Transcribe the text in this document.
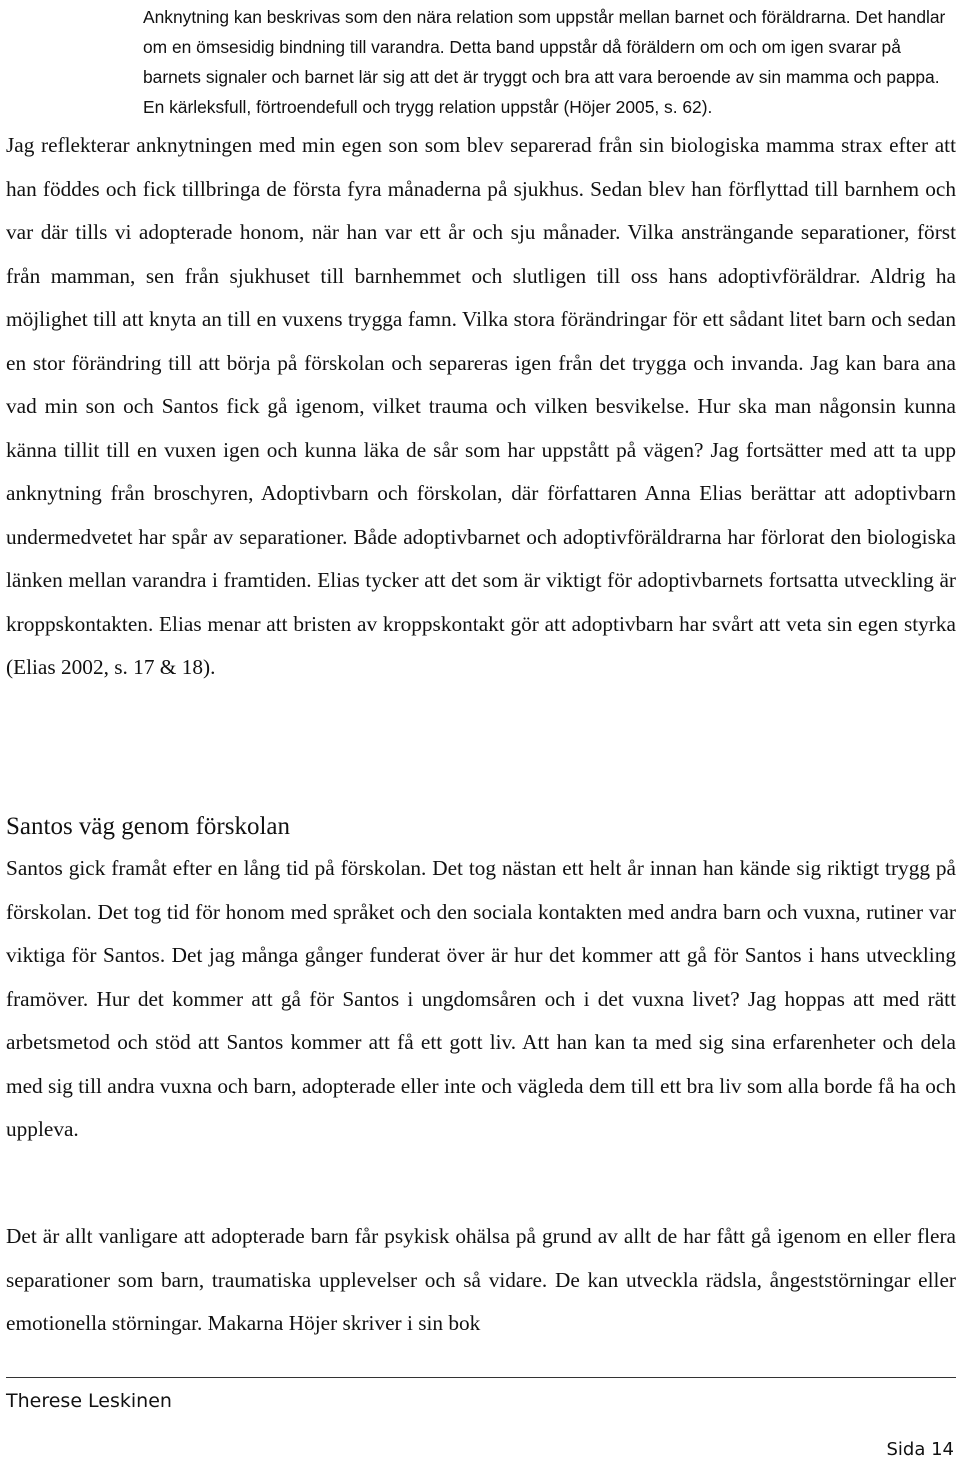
Anknytning kan beskrivas som den nära relation som uppstår mellan barnet och föräldrarna. Det handlar om en ömsesidig bindning till varandra. Detta band uppstår då föräldern om och om igen svarar på barnets signaler och barnet lär sig att det är tryggt och bra att vara beroende av sin mamma och pappa. En kärleksfull, förtroendefull och trygg relation uppstår (Höjer 2005, s. 62).

Jag reflekterar anknytningen med min egen son som blev separerad från sin biologiska mamma strax efter att han föddes och fick tillbringa de första fyra månaderna på sjukhus. Sedan blev han förflyttad till barnhem och var där tills vi adopterade honom, när han var ett år och sju månader. Vilka ansträngande separationer, först från mamman, sen från sjukhuset till barnhemmet och slutligen till oss hans adoptivföräldrar. Aldrig ha möjlighet till att knyta an till en vuxens trygga famn. Vilka stora förändringar för ett sådant litet barn och sedan en stor förändring till att börja på förskolan och separeras igen från det trygga och invanda. Jag kan bara ana vad min son och Santos fick gå igenom, vilket trauma och vilken besvikelse. Hur ska man någonsin kunna känna tillit till en vuxen igen och kunna läka de sår som har uppstått på vägen? Jag fortsätter med att ta upp anknytning från broschyren, Adoptivbarn och förskolan, där författaren Anna Elias berättar att adoptivbarn undermedvetet har spår av separationer. Både adoptivbarnet och adoptivföräldrarna har förlorat den biologiska länken mellan varandra i framtiden. Elias tycker att det som är viktigt för adoptivbarnets fortsatta utveckling är kroppskontakten. Elias menar att bristen av kroppskontakt gör att adoptivbarn har svårt att veta sin egen styrka (Elias 2002, s. 17 & 18).

Santos väg genom förskolan

Santos gick framåt efter en lång tid på förskolan. Det tog nästan ett helt år innan han kände sig riktigt trygg på förskolan. Det tog tid för honom med språket och den sociala kontakten med andra barn och vuxna, rutiner var viktiga för Santos. Det jag många gånger funderat över är hur det kommer att gå för Santos i hans utveckling framöver. Hur det kommer att gå för Santos i ungdomsåren och i det vuxna livet? Jag hoppas att med rätt arbetsmetod och stöd att Santos kommer att få ett gott liv. Att han kan ta med sig sina erfarenheter och dela med sig till andra vuxna och barn, adopterade eller inte och vägleda dem till ett bra liv som alla borde få ha och uppleva.

Det är allt vanligare att adopterade barn får psykisk ohälsa på grund av allt de har fått gå igenom en eller flera separationer som barn, traumatiska upplevelser och så vidare. De kan utveckla rädsla, ångeststörningar eller emotionella störningar. Makarna Höjer skriver i sin bok

Therese Leskinen
Sida 14
